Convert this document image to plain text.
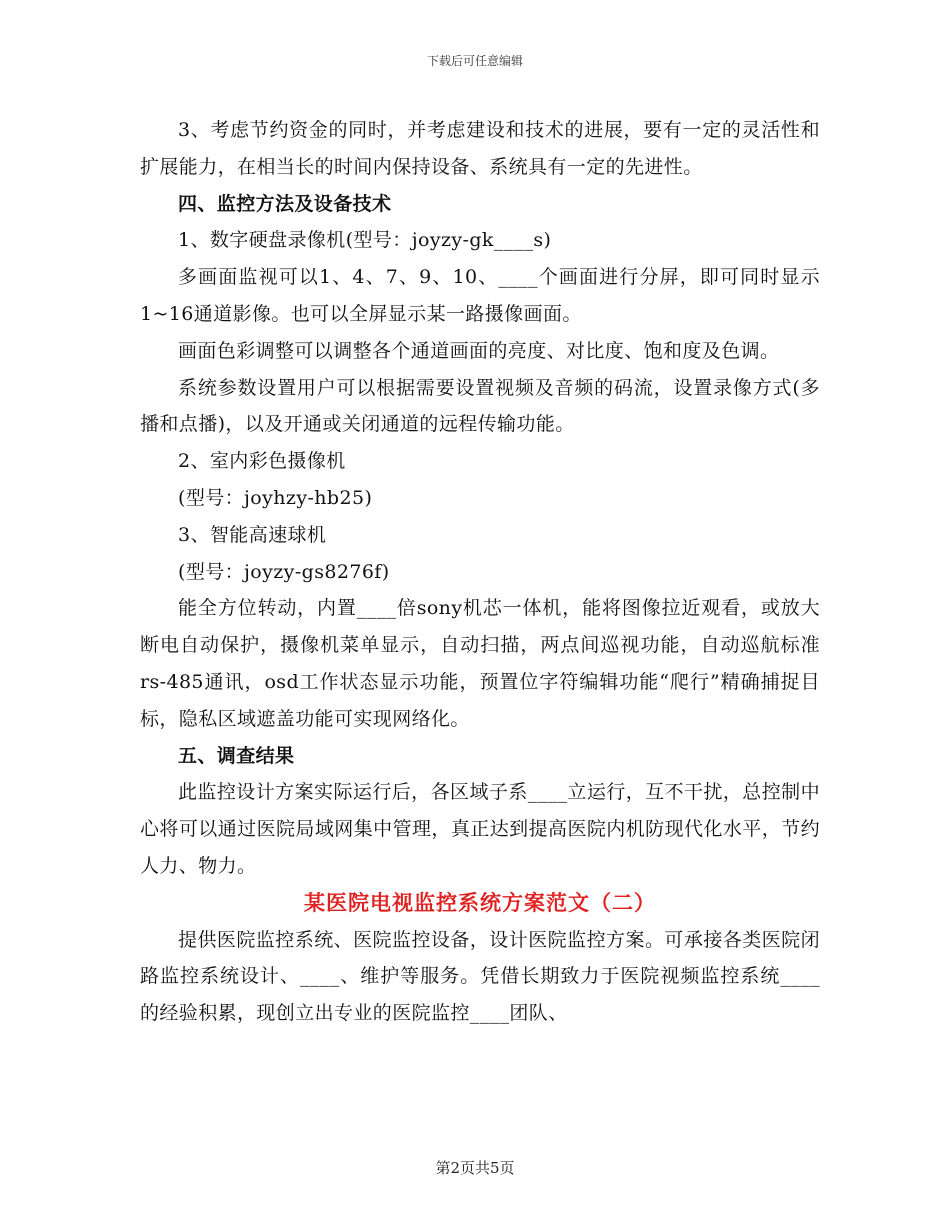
下载后可任意编辑

3、考虑节约资金的同时，并考虑建设和技术的进展，要有一定的灵活性和扩展能力，在相当长的时间内保持设备、系统具有一定的先进性。

四、监控方法及设备技术

1、数字硬盘录像机(型号：joyzy-gk____s)

多画面监视可以1、4、7、9、10、____个画面进行分屏，即可同时显示1~16通道影像。也可以全屏显示某一路摄像画面。

画面色彩调整可以调整各个通道画面的亮度、对比度、饱和度及色调。

系统参数设置用户可以根据需要设置视频及音频的码流，设置录像方式(多播和点播)，以及开通或关闭通道的远程传输功能。

2、室内彩色摄像机

(型号：joyhzy-hb25)

3、智能高速球机

(型号：joyzy-gs8276f)

能全方位转动，内置____倍sony机芯一体机，能将图像拉近观看，或放大断电自动保护，摄像机菜单显示，自动扫描，两点间巡视功能，自动巡航标准rs-485通讯，osd工作状态显示功能，预置位字符编辑功能“爬行”精确捕捉目标，隐私区域遮盖功能可实现网络化。

五、调查结果

此监控设计方案实际运行后，各区域子系____立运行，互不干扰，总控制中心将可以通过医院局域网集中管理，真正达到提高医院内机防现代化水平，节约人力、物力。

某医院电视监控系统方案范文（二）

提供医院监控系统、医院监控设备，设计医院监控方案。可承接各类医院闭路监控系统设计、____、维护等服务。凭借长期致力于医院视频监控系统____的经验积累，现创立出专业的医院监控____团队、

第2页共5页
